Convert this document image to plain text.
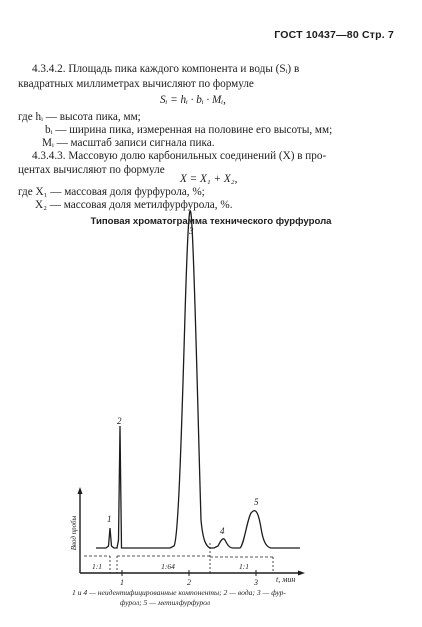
ГОСТ 10437—80 Стр. 7
4.3.4.2. Площадь пика каждого компонента и воды (Sᵢ) в
квадратных миллиметрах вычисляют по формуле
Sᵢ = hᵢ · bᵢ · Mᵢ,
где hᵢ — высота пика, мм;
bᵢ — ширина пика, измеренная на половине его высоты, мм;
Mᵢ — масштаб записи сигнала пика.
4.3.4.3. Массовую долю карбонильных соединений (X) в про-
центах вычисляют по формуле
X = X₁ + X₂,
где X₁ — массовая доля фурфурола, %;
X₂ — массовая доля метилфурфурола, %.
Типовая хроматограмма технического фурфурола
Ввод пробы	1
2
3
4
5
1:1	1:64	1:1
1	2	3 t, мин
1 и 4 — неидентифицированные компоненты; 2 — вода; 3 — фур-
фурол; 5 — метилфурфурол
